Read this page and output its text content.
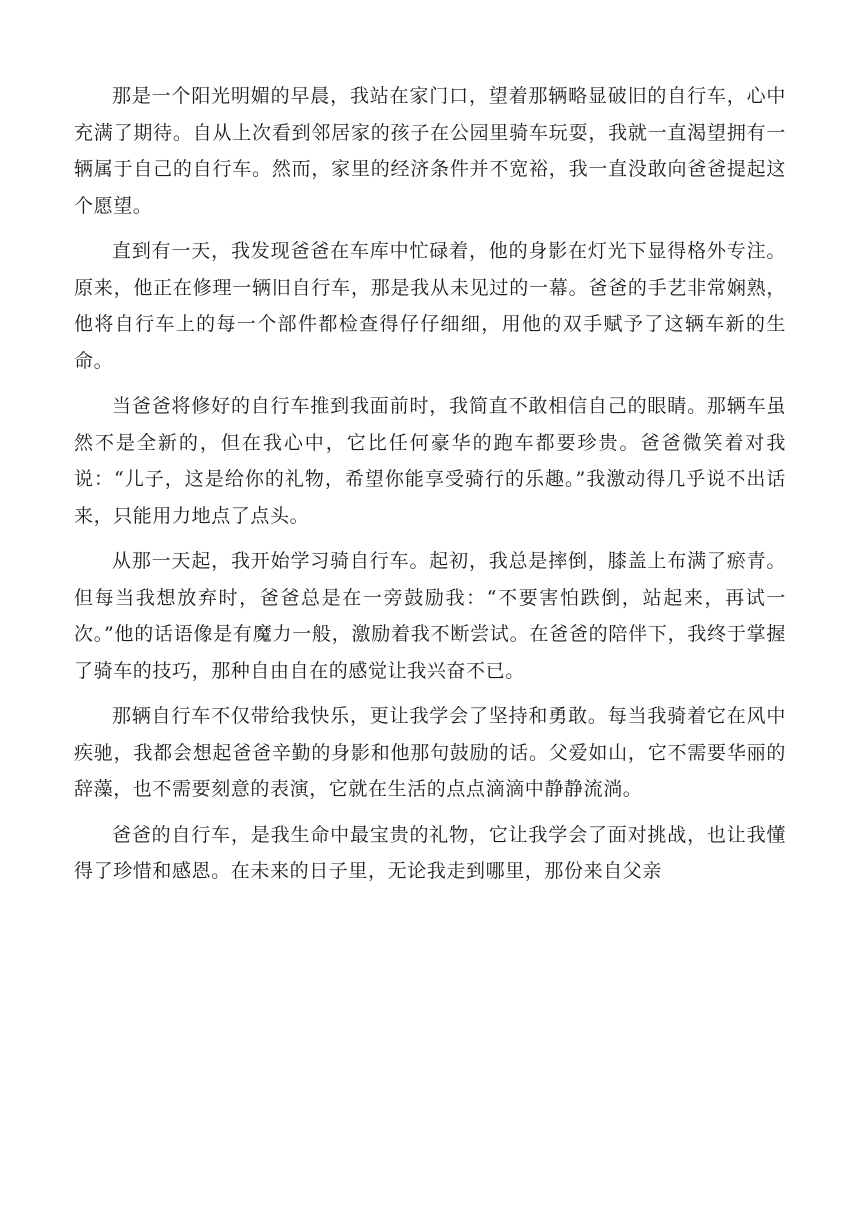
那是一个阳光明媚的早晨，我站在家门口，望着那辆略显破旧的自行车，心中充满了期待。自从上次看到邻居家的孩子在公园里骑车玩耍，我就一直渴望拥有一辆属于自己的自行车。然而，家里的经济条件并不宽裕，我一直没敢向爸爸提起这个愿望。

直到有一天，我发现爸爸在车库中忙碌着，他的身影在灯光下显得格外专注。原来，他正在修理一辆旧自行车，那是我从未见过的一幕。爸爸的手艺非常娴熟，他将自行车上的每一个部件都检查得仔仔细细，用他的双手赋予了这辆车新的生命。

当爸爸将修好的自行车推到我面前时，我简直不敢相信自己的眼睛。那辆车虽然不是全新的，但在我心中，它比任何豪华的跑车都要珍贵。爸爸微笑着对我说：“儿子，这是给你的礼物，希望你能享受骑行的乐趣。”我激动得几乎说不出话来，只能用力地点了点头。

从那一天起，我开始学习骑自行车。起初，我总是摔倒，膝盖上布满了瘀青。但每当我想放弃时，爸爸总是在一旁鼓励我：“不要害怕跌倒，站起来，再试一次。”他的话语像是有魔力一般，激励着我不断尝试。在爸爸的陪伴下，我终于掌握了骑车的技巧，那种自由自在的感觉让我兴奋不已。

那辆自行车不仅带给我快乐，更让我学会了坚持和勇敢。每当我骑着它在风中疾驰，我都会想起爸爸辛勤的身影和他那句鼓励的话。父爱如山，它不需要华丽的辞藻，也不需要刻意的表演，它就在生活的点点滴滴中静静流淌。

爸爸的自行车，是我生命中最宝贵的礼物，它让我学会了面对挑战，也让我懂得了珍惜和感恩。在未来的日子里，无论我走到哪里，那份来自父亲
